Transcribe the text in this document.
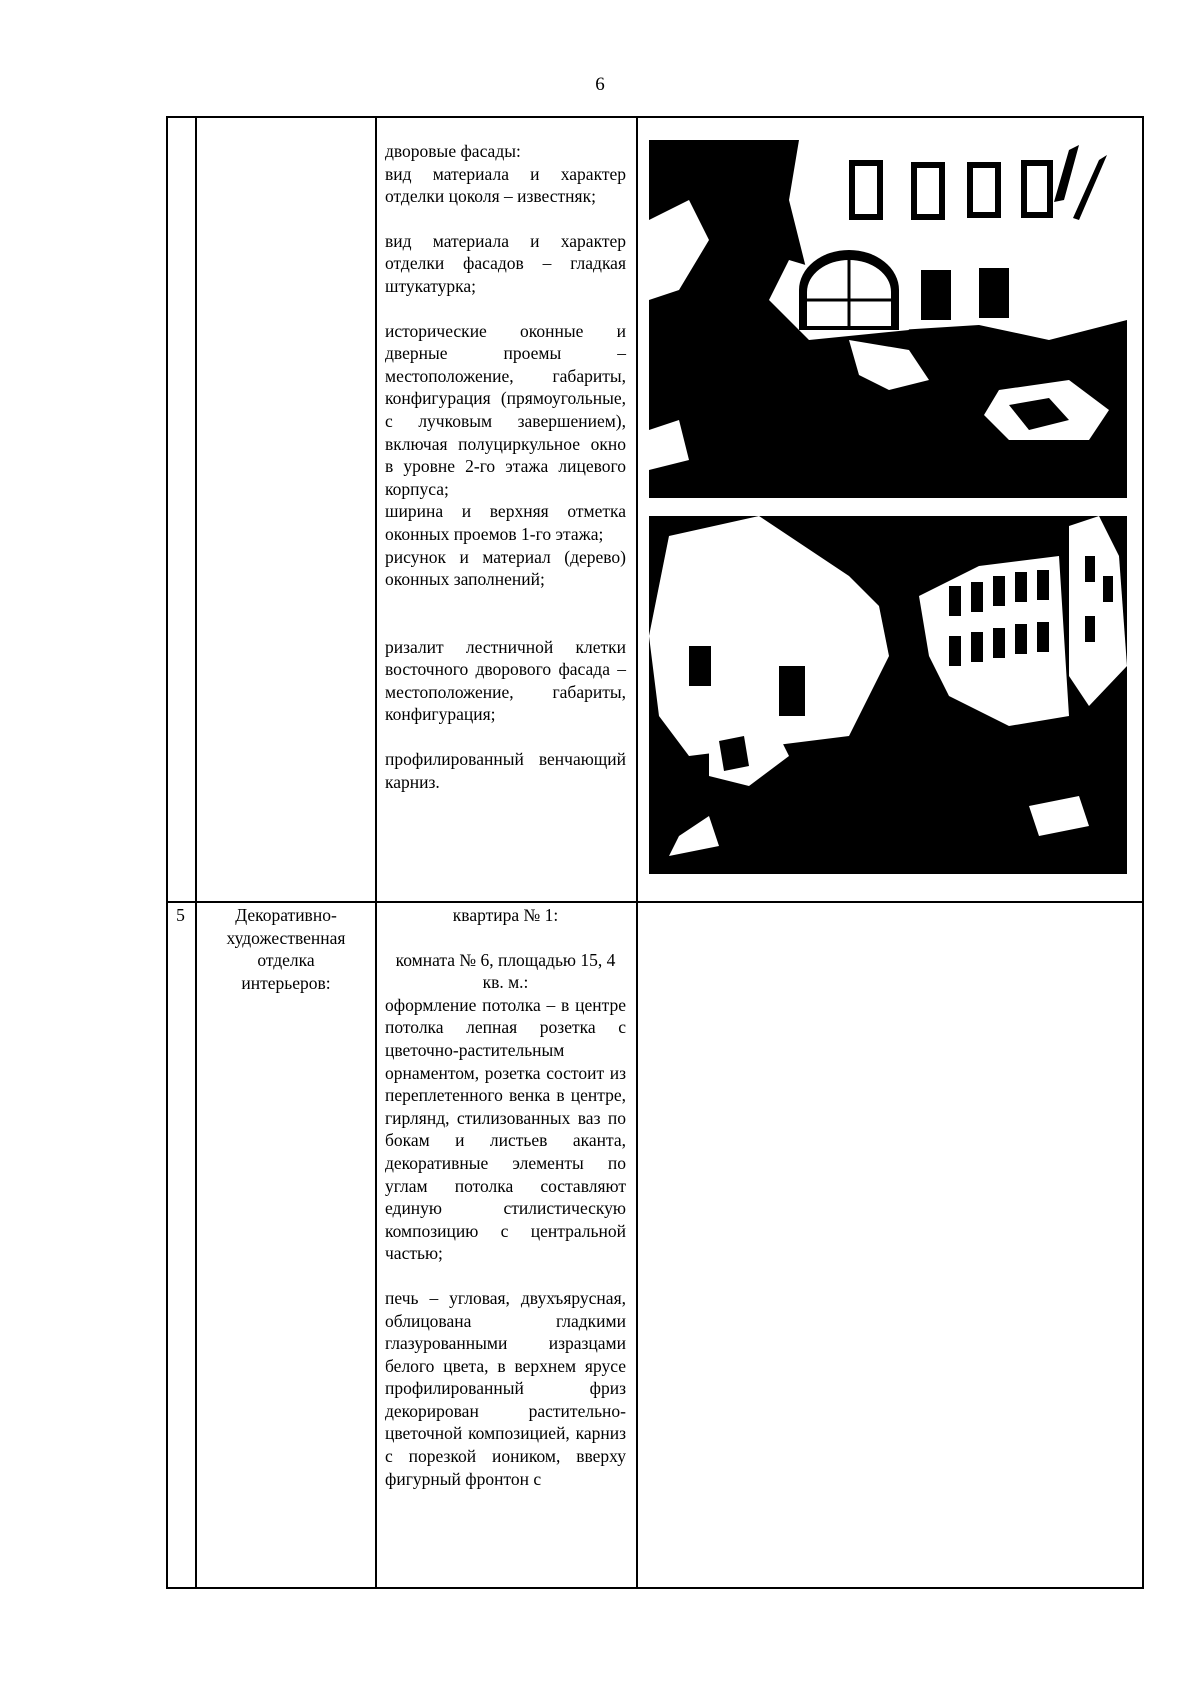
6

дворовые фасады:

вид материала и характер отделки цоколя – известняк;

вид материала и характер отделки фасадов – гладкая штукатурка;

исторические оконные и дверные проемы – местоположение, габариты, конфигурация (прямоугольные, с лучковым завершением), включая полуциркульное окно в уровне 2-го этажа лицевого корпуса;

ширина и верхняя отметка оконных проемов 1-го этажа;

рисунок и материал (дерево) оконных заполнений;

ризалит лестничной клетки восточного дворового фасада – местоположение, габариты, конфигурация;

профилированный венчающий карниз.

5	Декоративно-художественная отделка интерьеров:

квартира № 1:

комната № 6, площадью 15, 4 кв. м.:

оформление потолка – в центре потолка лепная розетка с цветочно-растительным орнаментом, розетка состоит из переплетенного венка в центре, гирлянд, стилизованных ваз по бокам и листьев аканта, декоративные элементы по углам потолка составляют единую стилистическую композицию с центральной частью;

печь – угловая, двухъярусная, облицована гладкими глазурованными изразцами белого цвета, в верхнем ярусе профилированный фриз декорирован растительно-цветочной композицией, карниз с порезкой иоником, вверху фигурный фронтон с
